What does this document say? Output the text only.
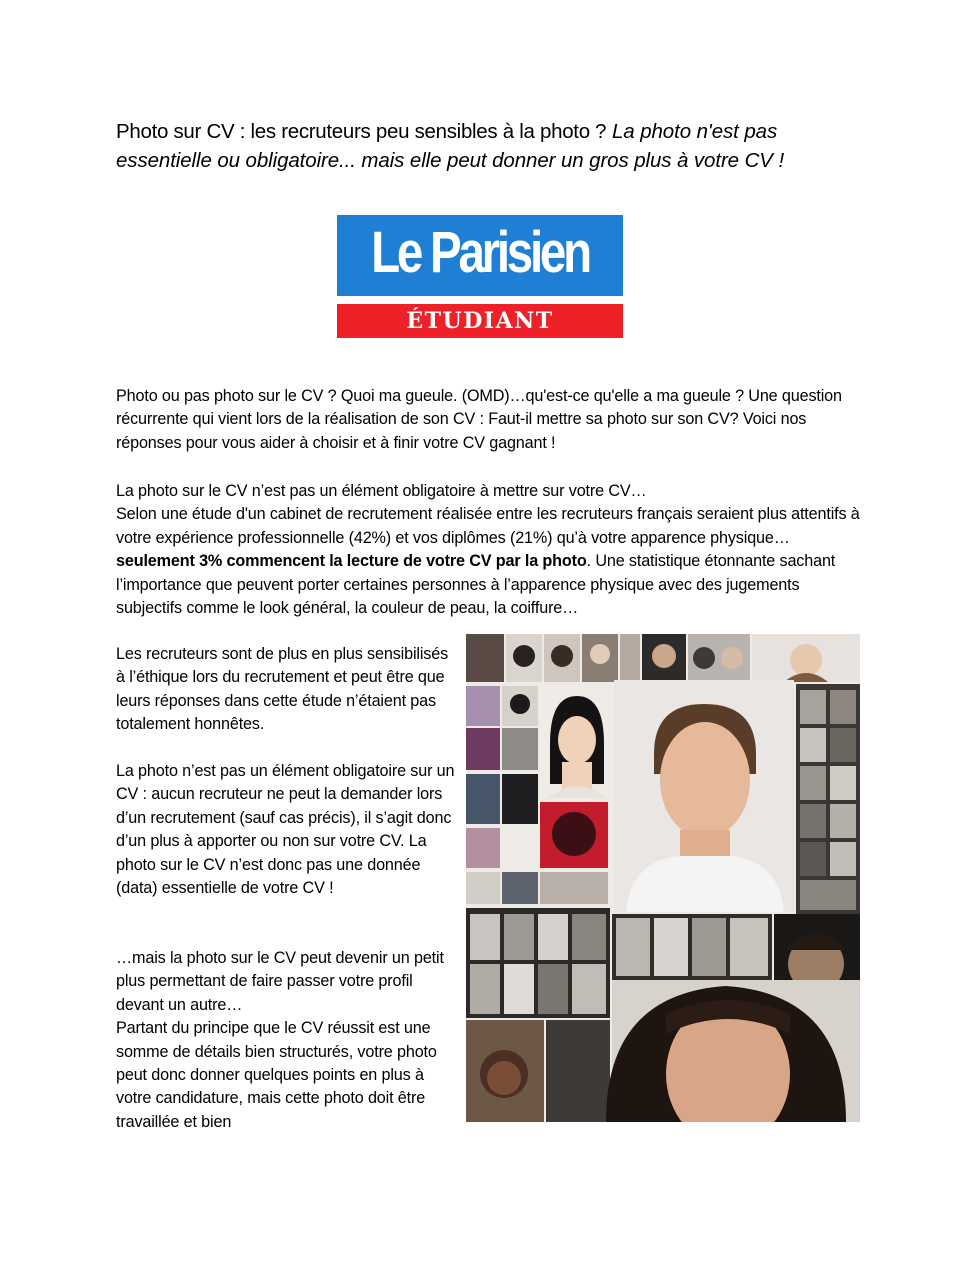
Photo sur CV : les recruteurs peu sensibles à la photo ? La photo n'est pas essentielle ou obligatoire... mais elle peut donner un gros plus à votre CV !
Le Parisien
ÉTUDIANT

Photo ou pas photo sur le CV ? Quoi ma gueule. (OMD)…qu'est-ce qu'elle a ma gueule ? Une question récurrente qui vient lors de la réalisation de son CV : Faut-il mettre sa photo sur son CV? Voici nos réponses pour vous aider à choisir et à finir votre CV gagnant !

La photo sur le CV n’est pas un élément obligatoire à mettre sur votre CV…
Selon une étude d'un cabinet de recrutement réalisée entre les recruteurs français seraient plus attentifs à votre expérience professionnelle (42%) et vos diplômes (21%) qu’à votre apparence physique… seulement 3% commencent la lecture de votre CV par la photo. Une statistique étonnante sachant l’importance que peuvent porter certaines personnes à l’apparence physique avec des jugements subjectifs comme le look général, la couleur de peau, la coiffure…

Les recruteurs sont de plus en plus sensibilisés à l’éthique lors du recrutement et peut être que leurs réponses dans cette étude n’étaient pas totalement honnêtes.

La photo n’est pas un élément obligatoire sur un CV : aucun recruteur ne peut la demander lors d’un recrutement (sauf cas précis), il s’agit donc d’un plus à apporter ou non sur votre CV. La photo sur le CV n’est donc pas une donnée (data) essentielle de votre CV !

…mais la photo sur le CV peut devenir un petit plus permettant de faire passer votre profil devant un autre…
Partant du principe que le CV réussit est une somme de détails bien structurés, votre photo peut donc donner quelques points en plus à votre candidature, mais cette photo doit être travaillée et bien
